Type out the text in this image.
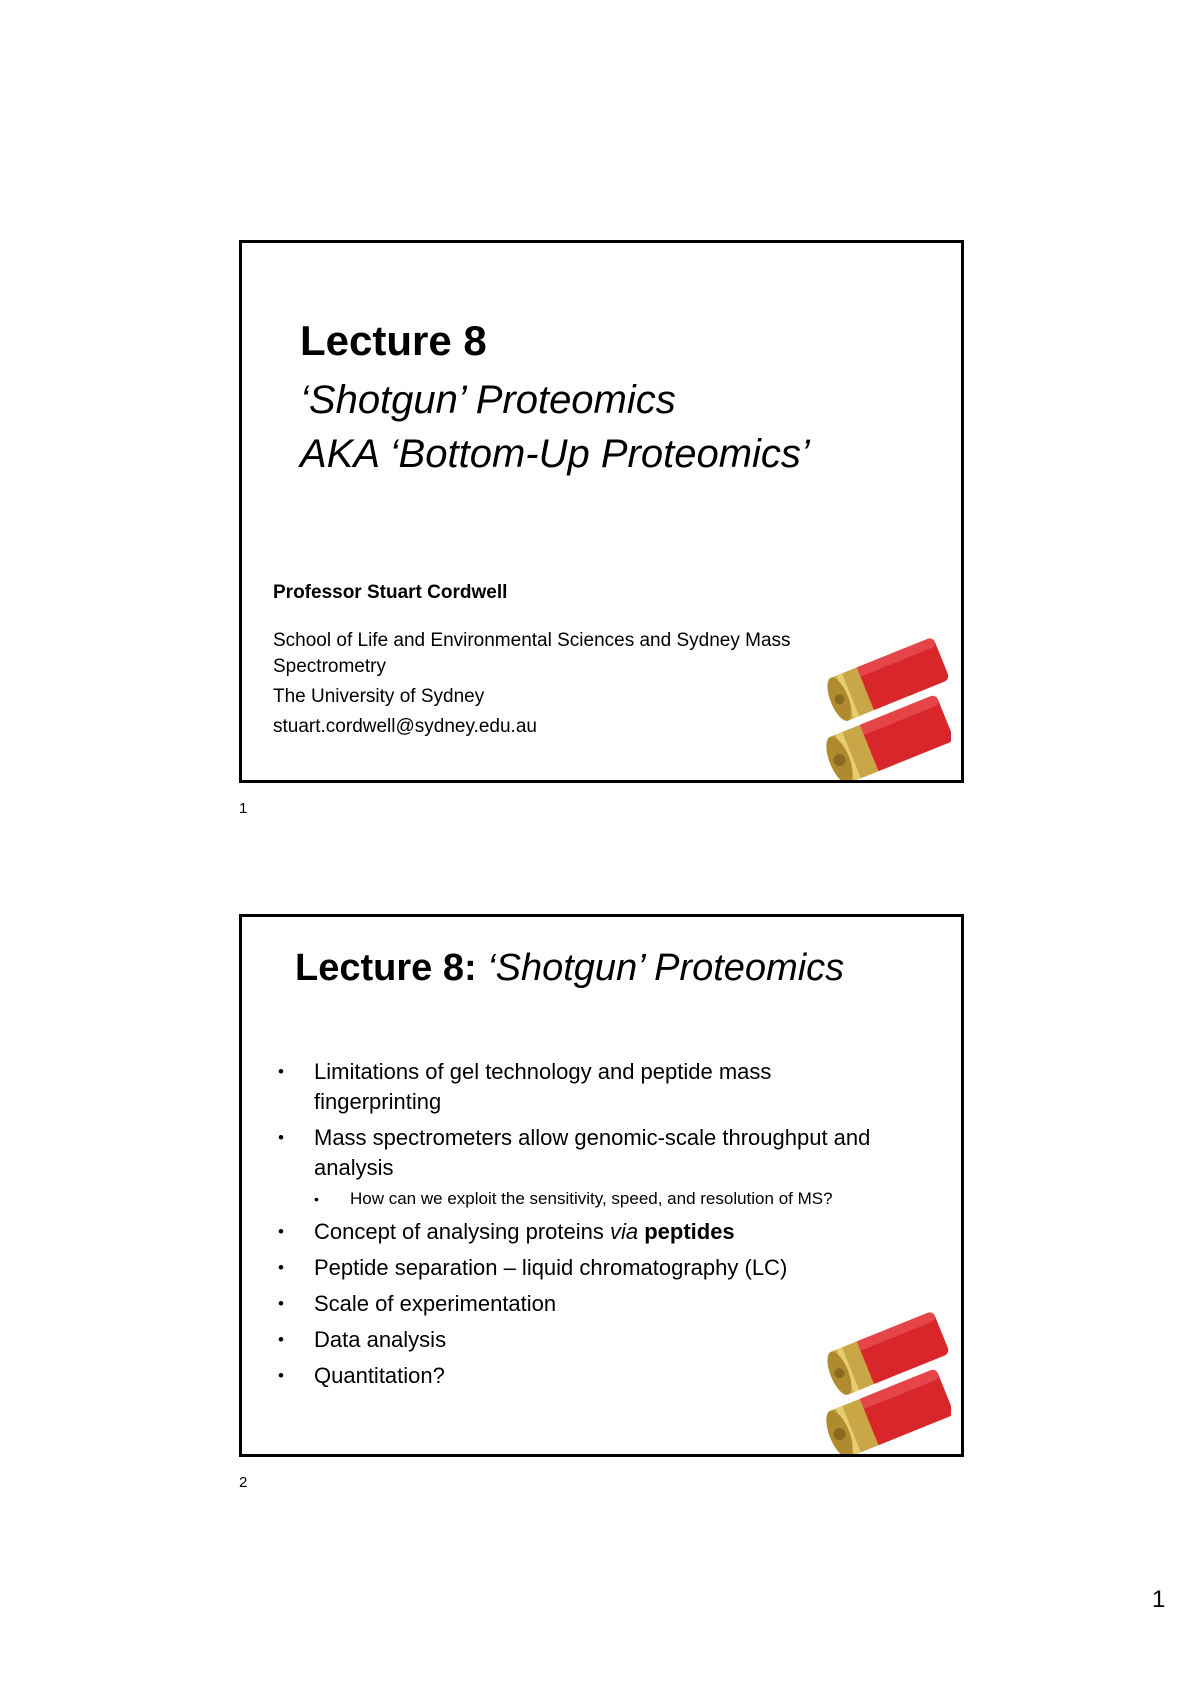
Lecture 8
‘Shotgun’ Proteomics
AKA ‘Bottom-Up Proteomics’
Professor Stuart Cordwell
School of Life and Environmental Sciences and Sydney Mass Spectrometry
The University of Sydney
stuart.cordwell@sydney.edu.au
1
Lecture 8: ‘Shotgun’ Proteomics
• Limitations of gel technology and peptide mass fingerprinting
• Mass spectrometers allow genomic-scale throughput and analysis
• How can we exploit the sensitivity, speed, and resolution of MS?
• Concept of analysing proteins via peptides
• Peptide separation – liquid chromatography (LC)
• Scale of experimentation
• Data analysis
• Quantitation?
2
1
